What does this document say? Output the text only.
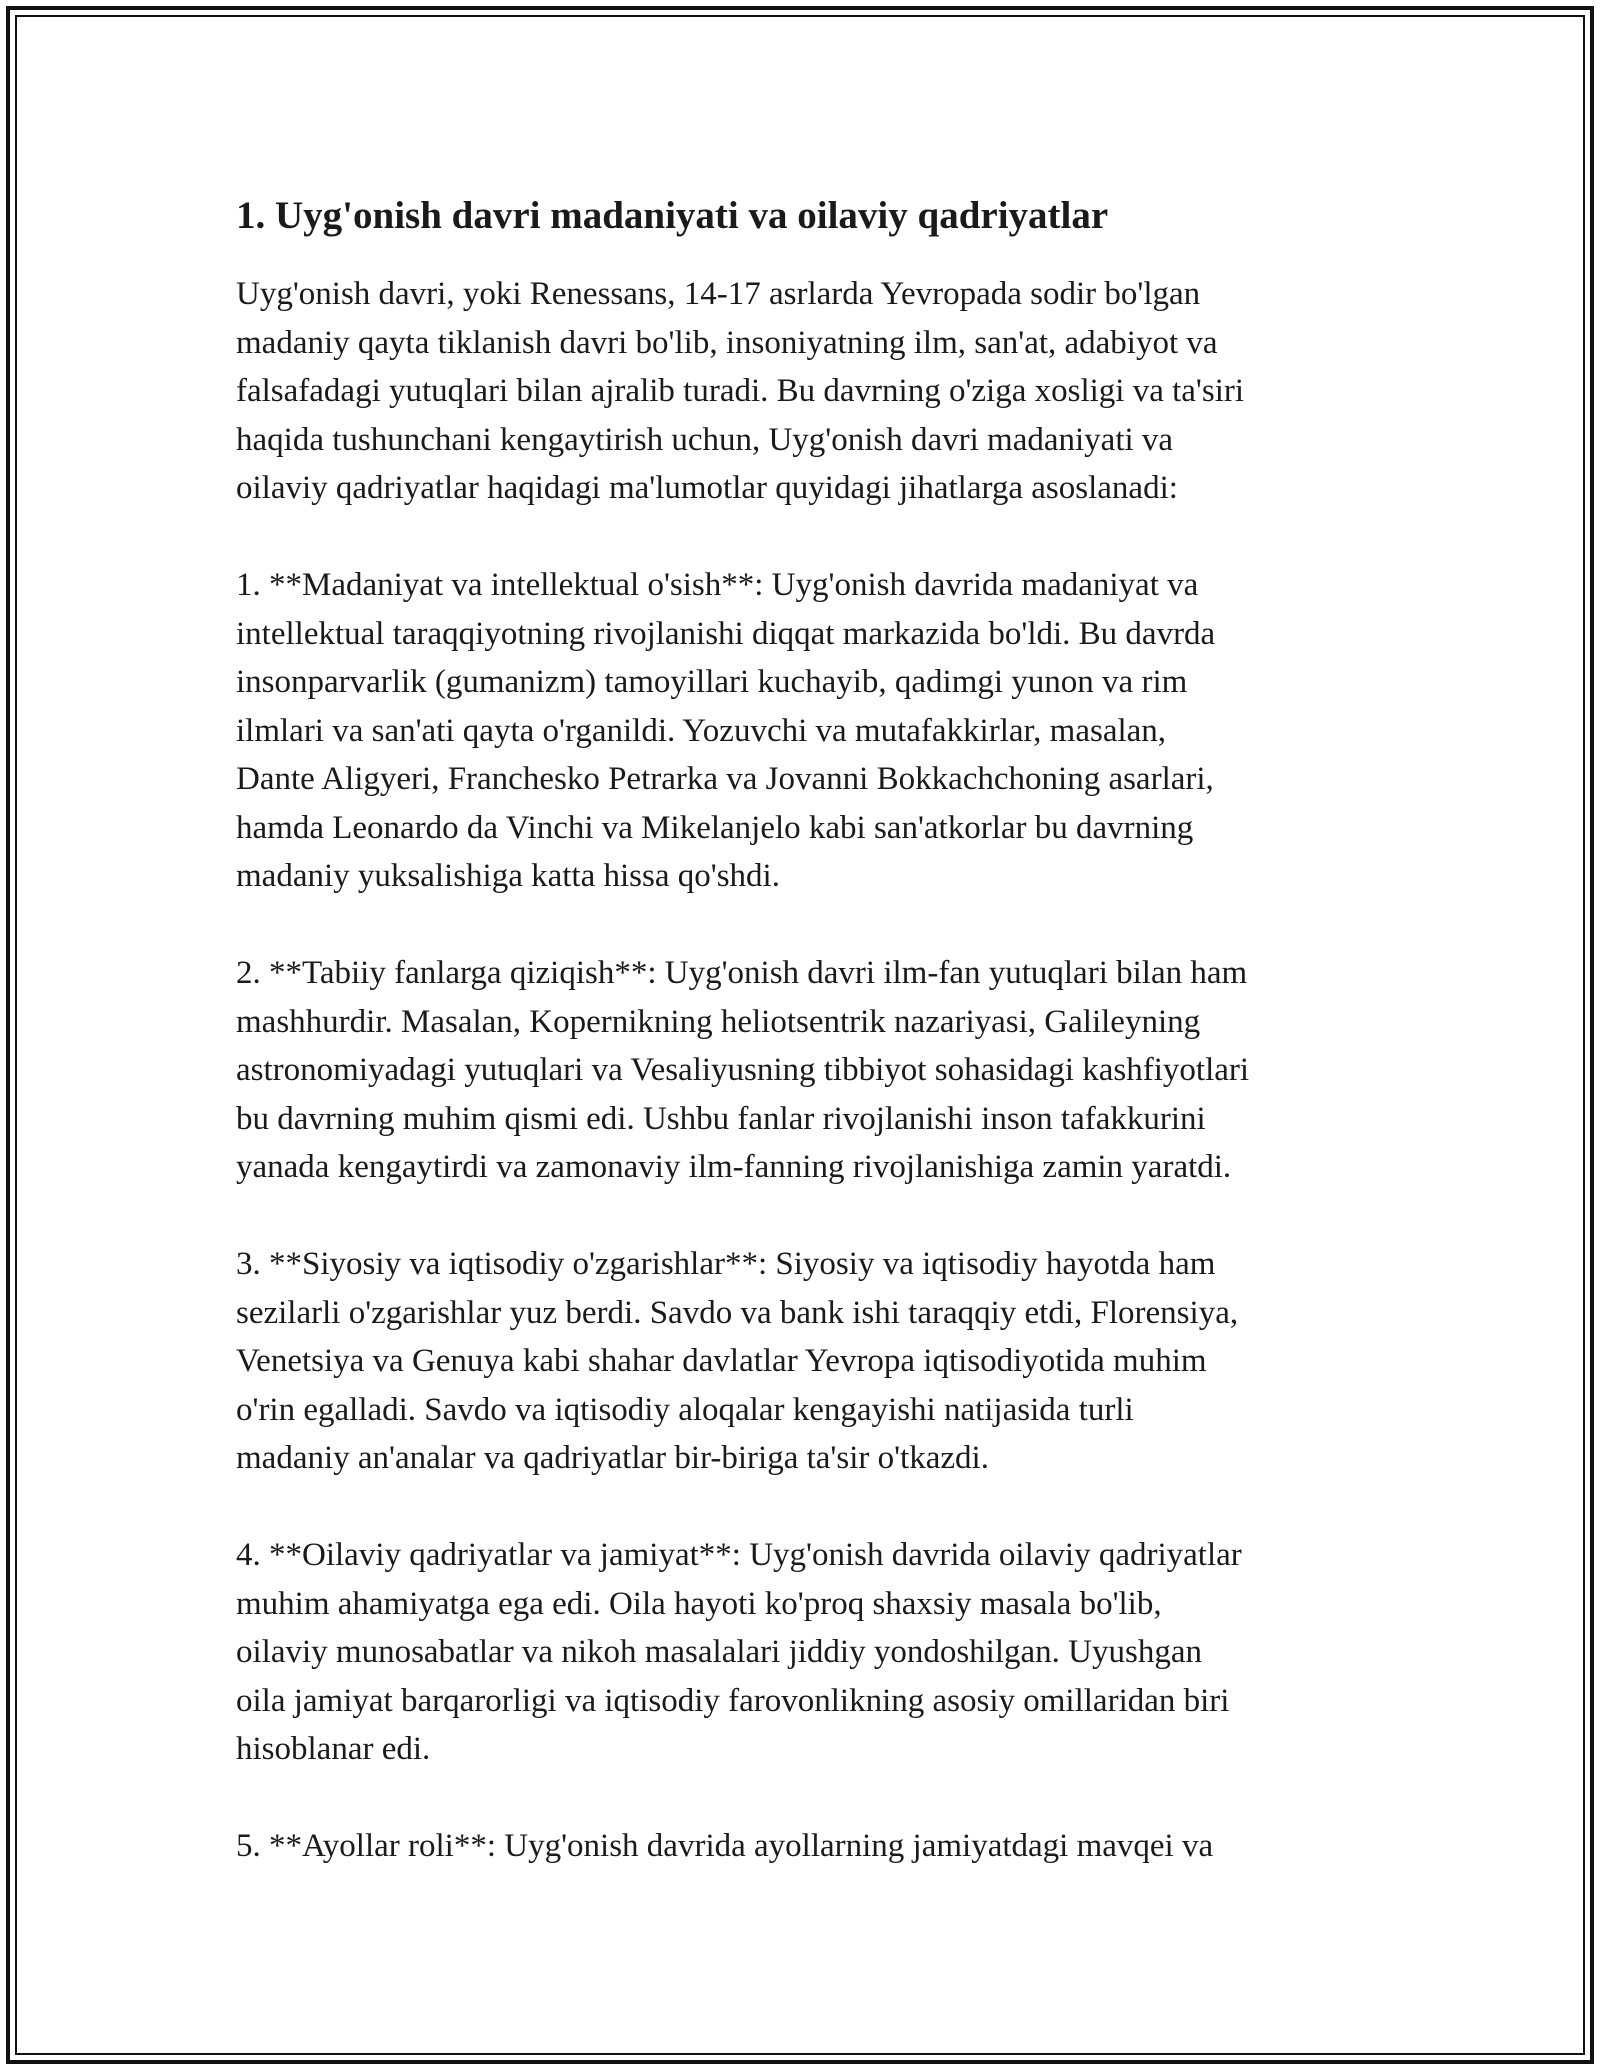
1. Uyg'onish davri madaniyati va oilaviy qadriyatlar

Uyg'onish davri, yoki Renessans, 14-17 asrlarda Yevropada sodir bo'lgan
madaniy qayta tiklanish davri bo'lib, insoniyatning ilm, san'at, adabiyot va
falsafadagi yutuqlari bilan ajralib turadi. Bu davrning o'ziga xosligi va ta'siri
haqida tushunchani kengaytirish uchun, Uyg'onish davri madaniyati va
oilaviy qadriyatlar haqidagi ma'lumotlar quyidagi jihatlarga asoslanadi:

1. **Madaniyat va intellektual o'sish**: Uyg'onish davrida madaniyat va
intellektual taraqqiyotning rivojlanishi diqqat markazida bo'ldi. Bu davrda
insonparvarlik (gumanizm) tamoyillari kuchayib, qadimgi yunon va rim
ilmlari va san'ati qayta o'rganildi. Yozuvchi va mutafakkirlar, masalan,
Dante Aligyeri, Franchesko Petrarka va Jovanni Bokkachchoning asarlari,
hamda Leonardo da Vinchi va Mikelanjelo kabi san'atkorlar bu davrning
madaniy yuksalishiga katta hissa qo'shdi.

2. **Tabiiy fanlarga qiziqish**: Uyg'onish davri ilm-fan yutuqlari bilan ham
mashhurdir. Masalan, Kopernikning heliotsentrik nazariyasi, Galileyning
astronomiyadagi yutuqlari va Vesaliyusning tibbiyot sohasidagi kashfiyotlari
bu davrning muhim qismi edi. Ushbu fanlar rivojlanishi inson tafakkurini
yanada kengaytirdi va zamonaviy ilm-fanning rivojlanishiga zamin yaratdi.

3. **Siyosiy va iqtisodiy o'zgarishlar**: Siyosiy va iqtisodiy hayotda ham
sezilarli o'zgarishlar yuz berdi. Savdo va bank ishi taraqqiy etdi, Florensiya,
Venetsiya va Genuya kabi shahar davlatlar Yevropa iqtisodiyotida muhim
o'rin egalladi. Savdo va iqtisodiy aloqalar kengayishi natijasida turli
madaniy an'analar va qadriyatlar bir-biriga ta'sir o'tkazdi.

4. **Oilaviy qadriyatlar va jamiyat**: Uyg'onish davrida oilaviy qadriyatlar
muhim ahamiyatga ega edi. Oila hayoti ko'proq shaxsiy masala bo'lib,
oilaviy munosabatlar va nikoh masalalari jiddiy yondoshilgan. Uyushgan
oila jamiyat barqarorligi va iqtisodiy farovonlikning asosiy omillaridan biri
hisoblanar edi.

5. **Ayollar roli**: Uyg'onish davrida ayollarning jamiyatdagi mavqei va
